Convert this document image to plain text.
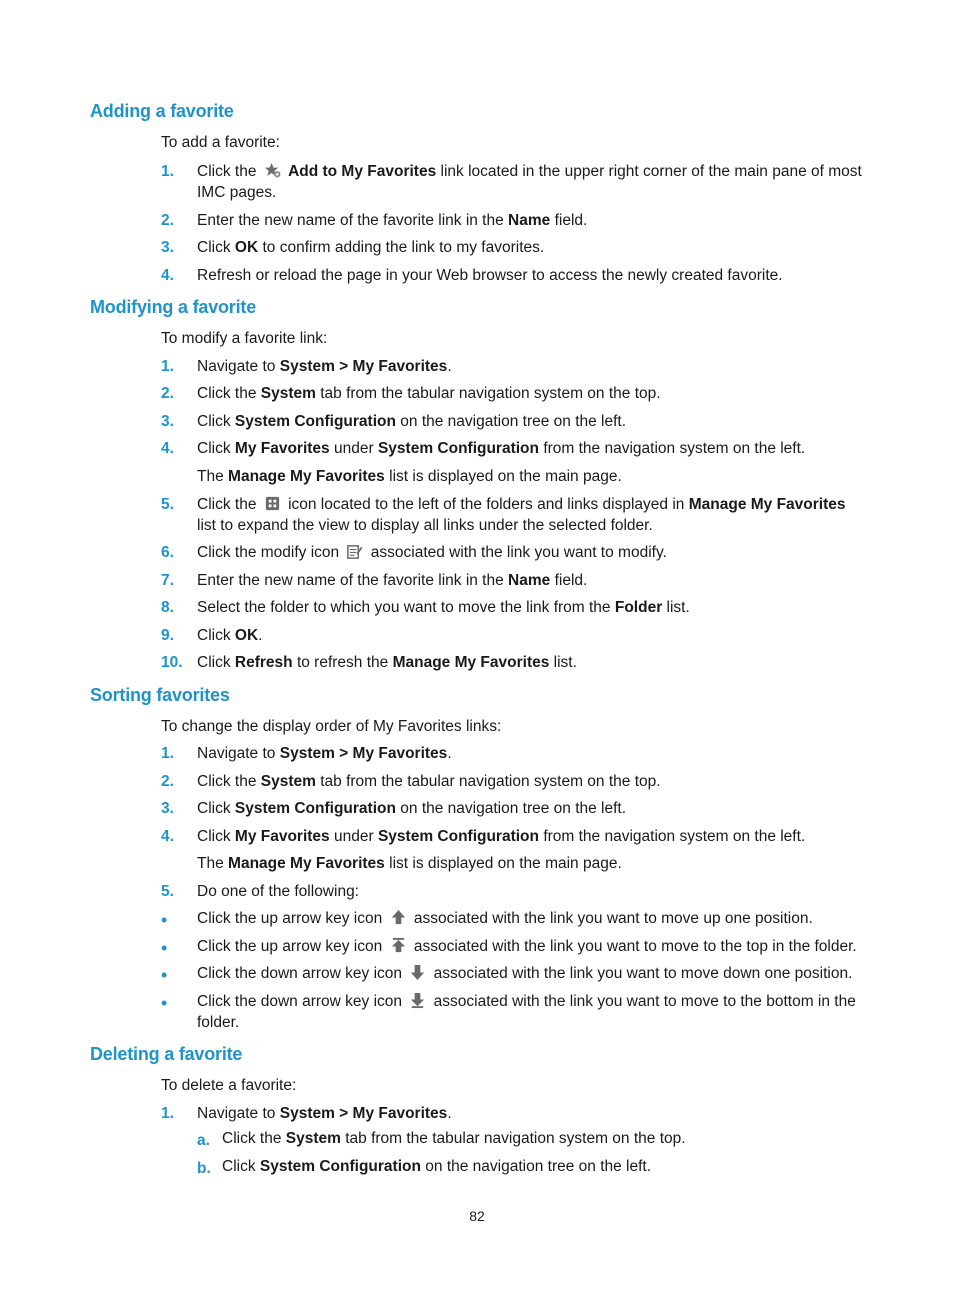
Adding a favorite
To add a favorite:
1. Click the Add to My Favorites link located in the upper right corner of the main pane of most IMC pages.
2. Enter the new name of the favorite link in the Name field.
3. Click OK to confirm adding the link to my favorites.
4. Refresh or reload the page in your Web browser to access the newly created favorite.
Modifying a favorite
To modify a favorite link:
1. Navigate to System > My Favorites.
2. Click the System tab from the tabular navigation system on the top.
3. Click System Configuration on the navigation tree on the left.
4. Click My Favorites under System Configuration from the navigation system on the left.
The Manage My Favorites list is displayed on the main page.
5. Click the icon located to the left of the folders and links displayed in Manage My Favorites list to expand the view to display all links under the selected folder.
6. Click the modify icon associated with the link you want to modify.
7. Enter the new name of the favorite link in the Name field.
8. Select the folder to which you want to move the link from the Folder list.
9. Click OK.
10. Click Refresh to refresh the Manage My Favorites list.
Sorting favorites
To change the display order of My Favorites links:
1. Navigate to System > My Favorites.
2. Click the System tab from the tabular navigation system on the top.
3. Click System Configuration on the navigation tree on the left.
4. Click My Favorites under System Configuration from the navigation system on the left.
The Manage My Favorites list is displayed on the main page.
5. Do one of the following:
• Click the up arrow key icon associated with the link you want to move up one position.
• Click the up arrow key icon associated with the link you want to move to the top in the folder.
• Click the down arrow key icon associated with the link you want to move down one position.
• Click the down arrow key icon associated with the link you want to move to the bottom in the folder.
Deleting a favorite
To delete a favorite:
1. Navigate to System > My Favorites.
a. Click the System tab from the tabular navigation system on the top.
b. Click System Configuration on the navigation tree on the left.
82
